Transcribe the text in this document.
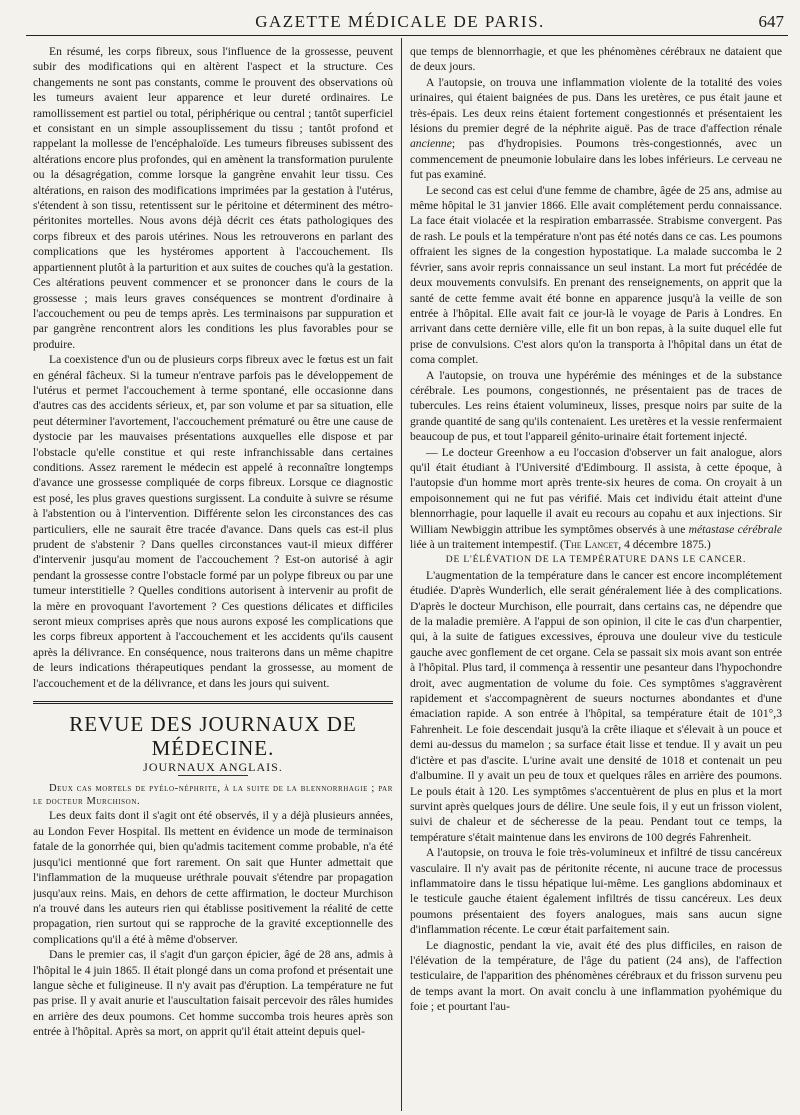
GAZETTE MÉDICALE DE PARIS.	647

En résumé, les corps fibreux, sous l'influence de la grossesse, peuvent subir des modifications qui en altèrent l'aspect et la structure. Ces changements ne sont pas constants, comme le prouvent des observations où les tumeurs avaient leur apparence et leur dureté ordinaires. Le ramollissement est partiel ou total, périphérique ou central ; tantôt superficiel et consistant en un simple assouplissement du tissu ; tantôt profond et rappelant la mollesse de l'encéphaloïde. Les tumeurs fibreuses subissent des altérations encore plus profondes, qui en amènent la transformation purulente ou la désagrégation, comme lorsque la gangrène envahit leur tissu. Ces altérations, en raison des modifications imprimées par la gestation à l'utérus, s'étendent à son tissu, retentissent sur le péritoine et déterminent des métro-péritonites mortelles. Nous avons déjà décrit ces états pathologiques des corps fibreux et des parois utérines. Nous les retrouverons en parlant des complications que les hystéromes apportent à l'accouchement. Ils appartiennent plutôt à la parturition et aux suites de couches qu'à la gestation. Ces altérations peuvent commencer et se prononcer dans le cours de la grossesse ; mais leurs graves conséquences se montrent d'ordinaire à l'accouchement ou peu de temps après. Les terminaisons par suppuration et par gangrène rencontrent alors les conditions les plus favorables pour se produire.

La coexistence d'un ou de plusieurs corps fibreux avec le fœtus est un fait en général fâcheux. Si la tumeur n'entrave parfois pas le développement de l'utérus et permet l'accouchement à terme spontané, elle occasionne dans d'autres cas des accidents sérieux, et, par son volume et par sa situation, elle peut déterminer l'avortement, l'accouchement prématuré ou être une cause de dystocie par les mauvaises présentations auxquelles elle dispose et par l'obstacle qu'elle constitue et qui reste infranchissable dans certaines conditions. Assez rarement le médecin est appelé à reconnaître longtemps d'avance une grossesse compliquée de corps fibreux. Lorsque ce diagnostic est posé, les plus graves questions surgissent. La conduite à suivre se résume à l'abstention ou à l'intervention. Différente selon les circonstances des cas particuliers, elle ne saurait être tracée d'avance. Dans quels cas est-il plus prudent de s'abstenir ? Dans quelles circonstances vaut-il mieux différer d'intervenir jusqu'au moment de l'accouchement ? Est-on autorisé à agir pendant la grossesse contre l'obstacle formé par un polype fibreux ou par une tumeur interstitielle ? Quelles conditions autorisent à intervenir au profit de la mère en provoquant l'avortement ? Ces questions délicates et difficiles seront mieux comprises après que nous aurons exposé les complications que les corps fibreux apportent à l'accouchement et les accidents qu'ils causent après la délivrance. En conséquence, nous traiterons dans un même chapitre de leurs indications thérapeutiques pendant la grossesse, au moment de l'accouchement et de la délivrance, et dans les jours qui suivent.

REVUE DES JOURNAUX DE MÉDECINE.

JOURNAUX ANGLAIS.

Deux cas mortels de pyélo-néphrite, à la suite de la blennorrhagie ; par le docteur Murchison.

Les deux faits dont il s'agit ont été observés, il y a déjà plusieurs années, au London Fever Hospital. Ils mettent en évidence un mode de terminaison fatale de la gonorrhée qui, bien qu'admis tacitement comme probable, n'a été jusqu'ici mentionné que fort rarement. On sait que Hunter admettait que l'inflammation de la muqueuse uréthrale pouvait s'étendre par propagation jusqu'aux reins. Mais, en dehors de cette affirmation, le docteur Murchison n'a trouvé dans les auteurs rien qui établisse positivement la réalité de cette propagation, rien surtout qui se rapproche de la gravité exceptionnelle des complications qu'il a été à même d'observer.

Dans le premier cas, il s'agit d'un garçon épicier, âgé de 28 ans, admis à l'hôpital le 4 juin 1865. Il était plongé dans un coma profond et présentait une langue sèche et fuligineuse. Il n'y avait pas d'éruption. La température ne fut pas prise. Il y avait anurie et l'auscultation faisait percevoir des râles humides en arrière des deux poumons. Cet homme succomba trois heures après son entrée à l'hôpital. Après sa mort, on apprit qu'il était atteint depuis quel-

que temps de blennorrhagie, et que les phénomènes cérébraux ne dataient que de deux jours.

A l'autopsie, on trouva une inflammation violente de la totalité des voies urinaires, qui étaient baignées de pus. Dans les uretères, ce pus était jaune et très-épais. Les deux reins étaient fortement congestionnés et présentaient les lésions du premier degré de la néphrite aiguë. Pas de trace d'affection rénale ancienne; pas d'hydropisies. Poumons très-congestionnés, avec un commencement de pneumonie lobulaire dans les lobes inférieurs. Le cerveau ne fut pas examiné.

Le second cas est celui d'une femme de chambre, âgée de 25 ans, admise au même hôpital le 31 janvier 1866. Elle avait complétement perdu connaissance. La face était violacée et la respiration embarrassée. Strabisme convergent. Pas de rash. Le pouls et la température n'ont pas été notés dans ce cas. Les poumons offraient les signes de la congestion hypostatique. La malade succomba le 2 février, sans avoir repris connaissance un seul instant. La mort fut précédée de deux mouvements convulsifs. En prenant des renseignements, on apprit que la santé de cette femme avait été bonne en apparence jusqu'à la veille de son entrée à l'hôpital. Elle avait fait ce jour-là le voyage de Paris à Londres. En arrivant dans cette dernière ville, elle fit un bon repas, à la suite duquel elle fut prise de convulsions. C'est alors qu'on la transporta à l'hôpital dans un état de coma complet.

A l'autopsie, on trouva une hypérémie des méninges et de la substance cérébrale. Les poumons, congestionnés, ne présentaient pas de traces de tubercules. Les reins étaient volumineux, lisses, presque noirs par suite de la grande quantité de sang qu'ils contenaient. Les uretères et la vessie renfermaient beaucoup de pus, et tout l'appareil génito-urinaire était fortement injecté.

— Le docteur Greenhow a eu l'occasion d'observer un fait analogue, alors qu'il était étudiant à l'Université d'Edimbourg. Il assista, à cette époque, à l'autopsie d'un homme mort après trente-six heures de coma. On croyait à un empoisonnement qui ne fut pas vérifié. Mais cet individu était atteint d'une blennorrhagie, pour laquelle il avait eu recours au copahu et aux injections. Sir William Newbiggin attribue les symptômes observés à une métastase cérébrale liée à un traitement intempestif. (The Lancet, 4 décembre 1875.)

DE L'ÉLÉVATION DE LA TEMPÉRATURE DANS LE CANCER.

L'augmentation de la température dans le cancer est encore incomplétement étudiée. D'après Wunderlich, elle serait généralement liée à des complications. D'après le docteur Murchison, elle pourrait, dans certains cas, ne dépendre que de la maladie première. A l'appui de son opinion, il cite le cas d'un charpentier, qui, à la suite de fatigues excessives, éprouva une douleur vive du testicule gauche avec gonflement de cet organe. Cela se passait six mois avant son entrée à l'hôpital. Plus tard, il commença à ressentir une pesanteur dans l'hypochondre droit, avec augmentation de volume du foie. Ces symptômes s'aggravèrent rapidement et s'accompagnèrent de sueurs nocturnes abondantes et d'une émaciation rapide. A son entrée à l'hôpital, sa température était de 101°,3 Fahrenheit. Le foie descendait jusqu'à la crête iliaque et s'élevait à un pouce et demi au-dessus du mamelon ; sa surface était lisse et tendue. Il y avait un peu d'ictère et pas d'ascite. L'urine avait une densité de 1018 et contenait un peu d'albumine. Il y avait un peu de toux et quelques râles en arrière des poumons. Le pouls était à 120. Les symptômes s'accentuèrent de plus en plus et la mort survint après quelques jours de délire. Une seule fois, il y eut un frisson violent, suivi de chaleur et de sécheresse de la peau. Pendant tout ce temps, la température s'était maintenue dans les environs de 100 degrés Fahrenheit.

A l'autopsie, on trouva le foie très-volumineux et infiltré de tissu cancéreux vasculaire. Il n'y avait pas de péritonite récente, ni aucune trace de processus inflammatoire dans le tissu hépatique lui-même. Les ganglions abdominaux et le testicule gauche étaient également infiltrés de tissu cancéreux. Les deux poumons présentaient des foyers analogues, mais sans aucun signe d'inflammation récente. Le cœur était parfaitement sain.

Le diagnostic, pendant la vie, avait été des plus difficiles, en raison de l'élévation de la température, de l'âge du patient (24 ans), de l'affection testiculaire, de l'apparition des phénomènes cérébraux et du frisson survenu peu de temps avant la mort. On avait conclu à une inflammation pyohémique du foie ; et pourtant l'au-
